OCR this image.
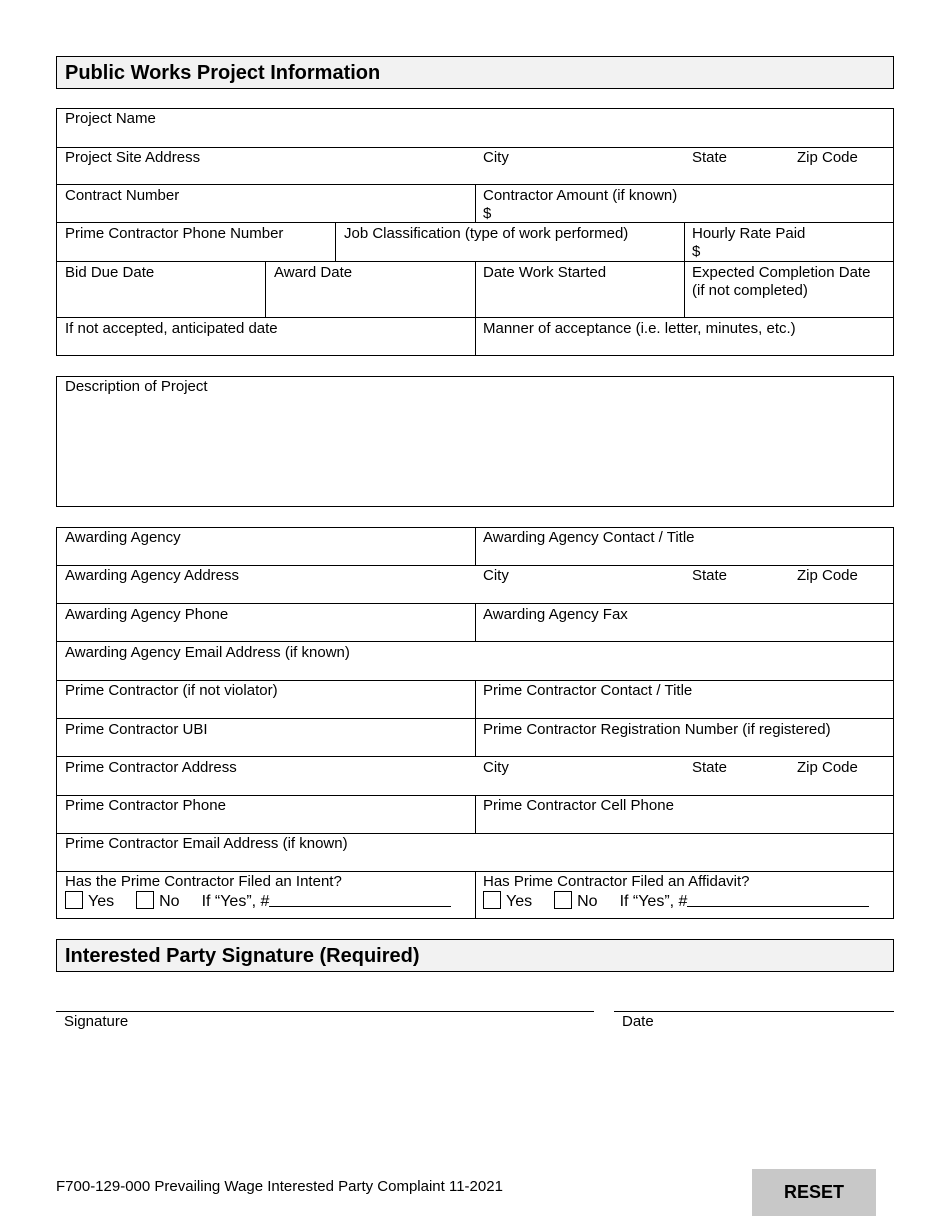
Public Works Project Information
Project Name
Project Site Address	City	State	Zip Code
Contract Number	Contractor Amount (if known)
$
Prime Contractor Phone Number	Job Classification (type of work performed)	Hourly Rate Paid
$
Bid Due Date	Award Date	Date Work Started	Expected Completion Date
(if not completed)
If not accepted, anticipated date	Manner of acceptance (i.e. letter, minutes, etc.)
Description of Project
Awarding Agency	Awarding Agency Contact / Title
Awarding Agency Address	City	State	Zip Code
Awarding Agency Phone	Awarding Agency Fax
Awarding Agency Email Address (if known)
Prime Contractor (if not violator)	Prime Contractor Contact / Title
Prime Contractor UBI	Prime Contractor Registration Number (if registered)
Prime Contractor Address	City	State	Zip Code
Prime Contractor Phone	Prime Contractor Cell Phone
Prime Contractor Email Address (if known)
Has the Prime Contractor Filed an Intent?
Yes	No If “Yes”, #
Has Prime Contractor Filed an Affidavit?
Yes	No If “Yes”, #
Interested Party Signature (Required)
Signature	Date
F700-129-000 Prevailing Wage Interested Party Complaint 11-2021	RESET
